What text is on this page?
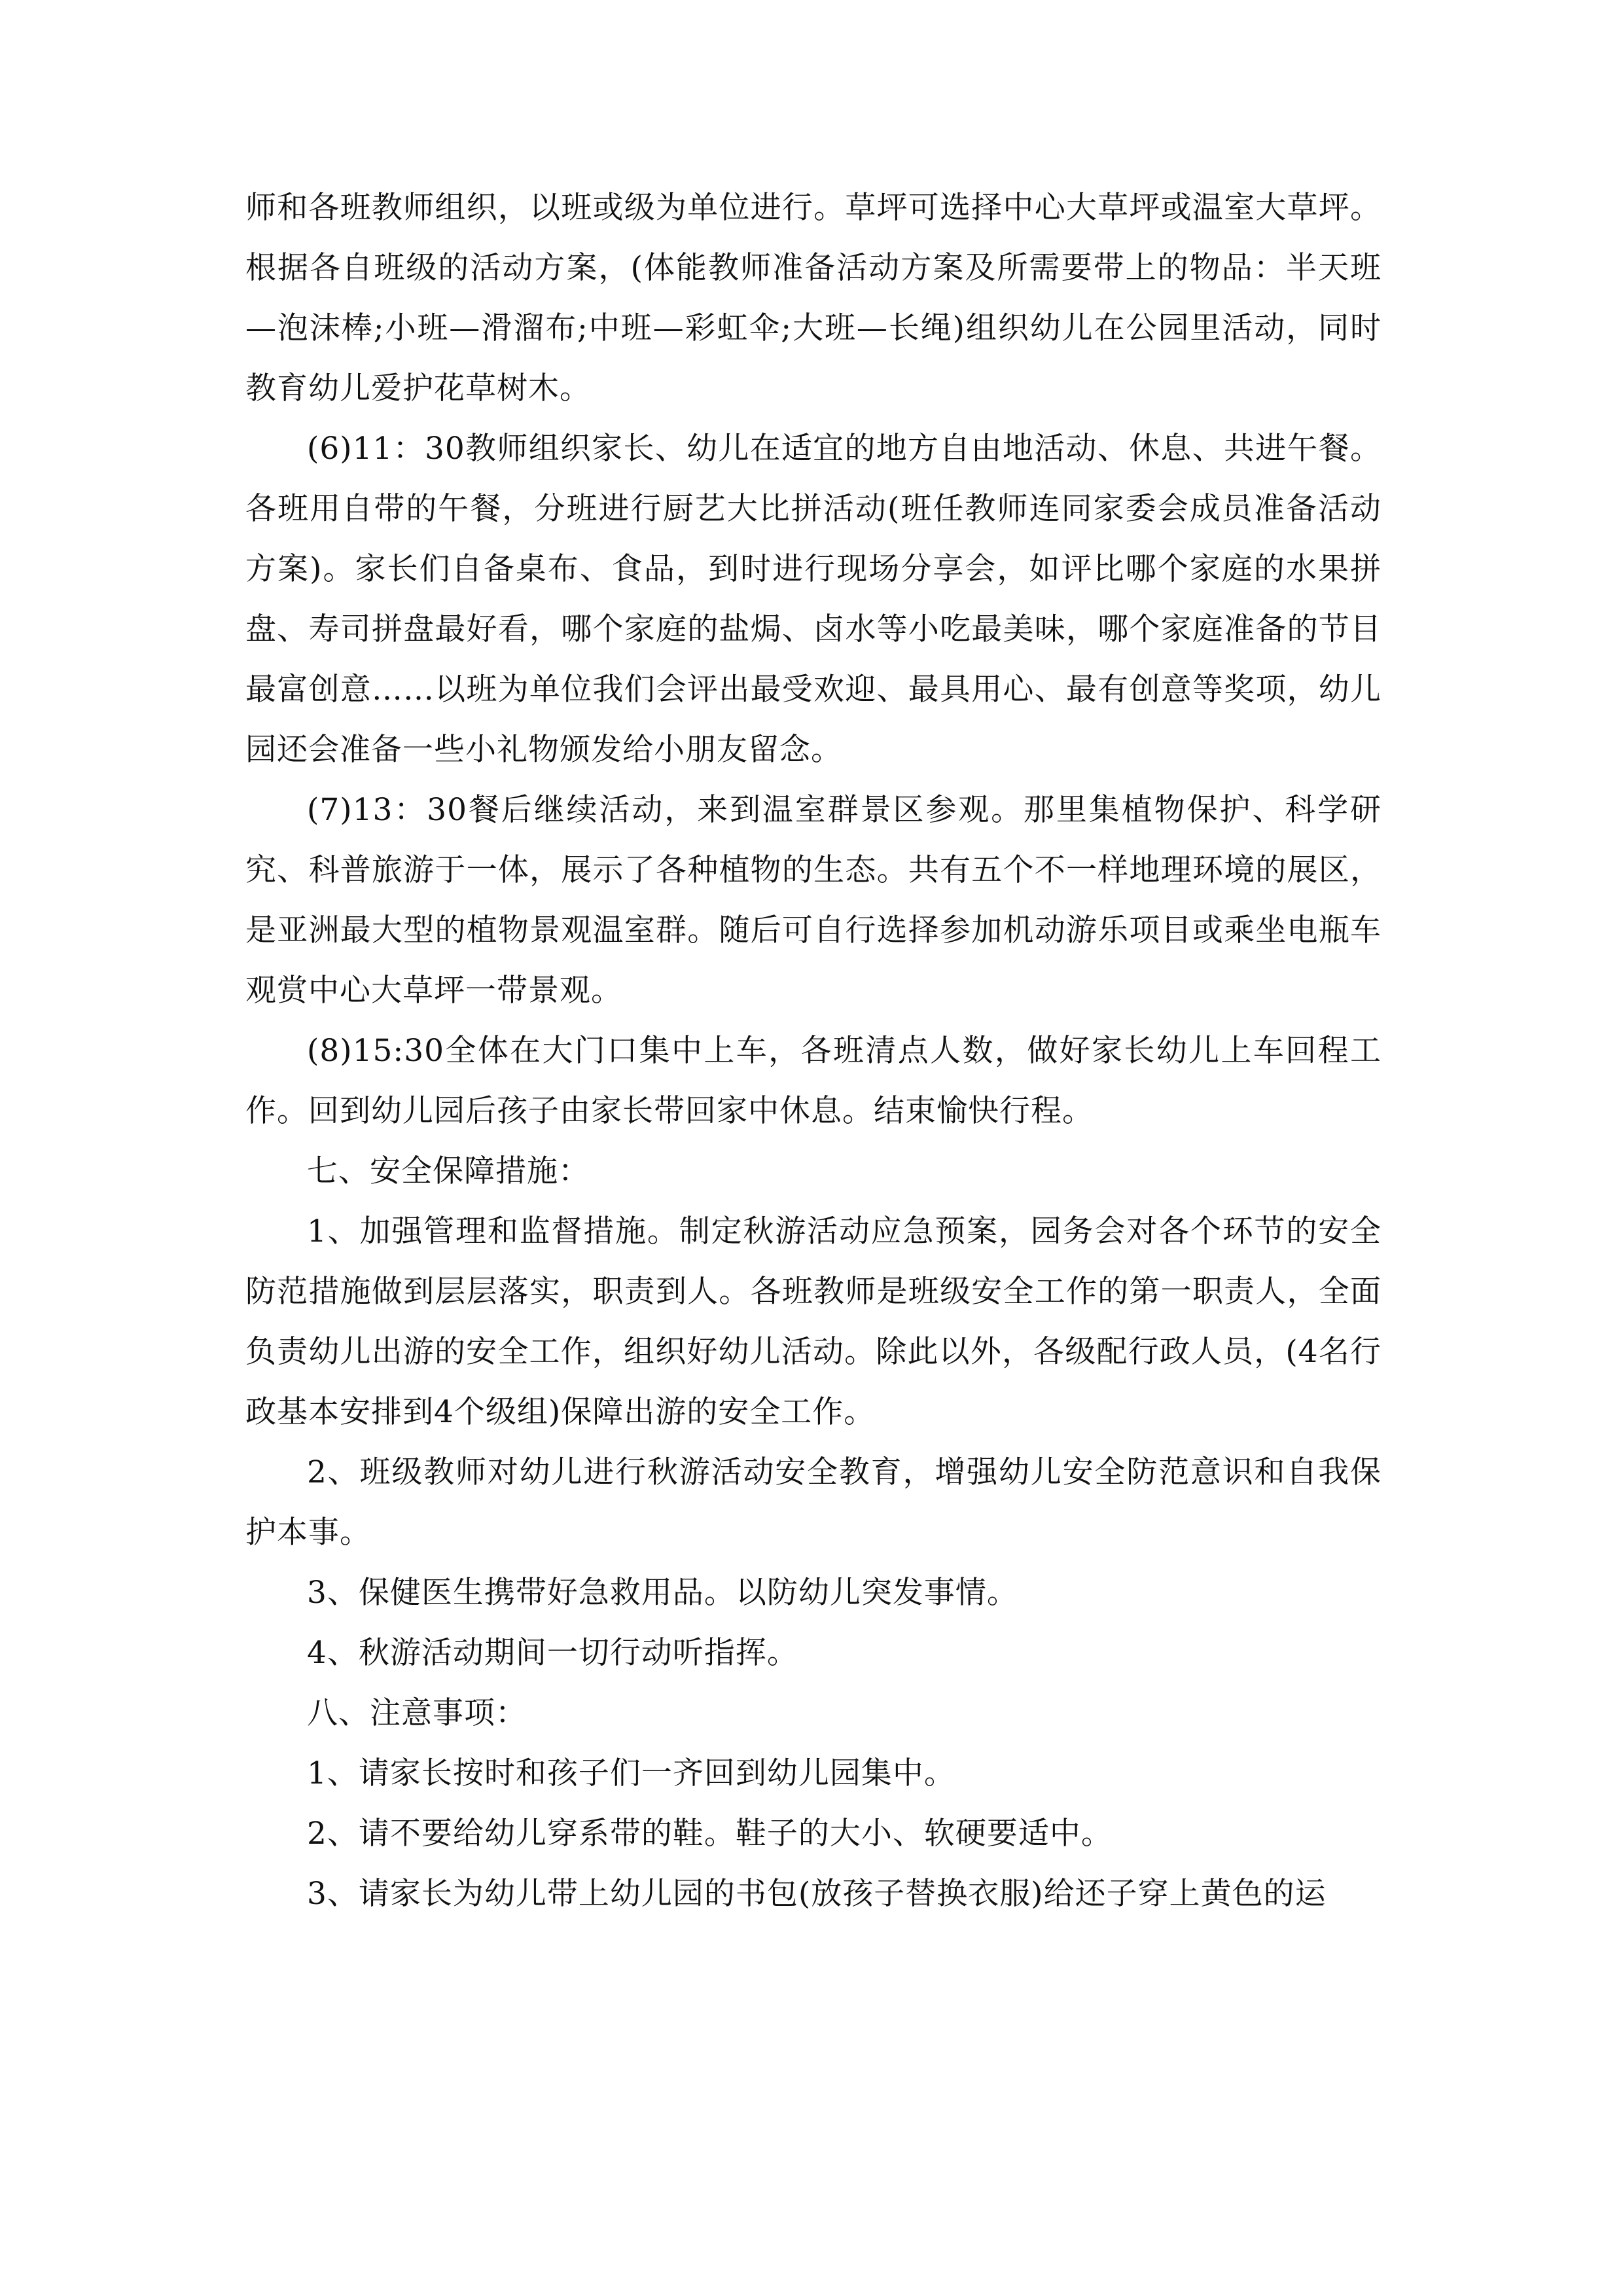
师和各班教师组织，以班或级为单位进行。草坪可选择中心大草坪或温室大草坪。根据各自班级的活动方案，(体能教师准备活动方案及所需要带上的物品：半天班—泡沫棒;小班—滑溜布;中班—彩虹伞;大班—长绳)组织幼儿在公园里活动，同时教育幼儿爱护花草树木。

(6)11：30教师组织家长、幼儿在适宜的地方自由地活动、休息、共进午餐。各班用自带的午餐，分班进行厨艺大比拼活动(班任教师连同家委会成员准备活动方案)。家长们自备桌布、食品，到时进行现场分享会，如评比哪个家庭的水果拼盘、寿司拼盘最好看，哪个家庭的盐焗、卤水等小吃最美味，哪个家庭准备的节目最富创意……以班为单位我们会评出最受欢迎、最具用心、最有创意等奖项，幼儿园还会准备一些小礼物颁发给小朋友留念。

(7)13：30餐后继续活动，来到温室群景区参观。那里集植物保护、科学研究、科普旅游于一体，展示了各种植物的生态。共有五个不一样地理环境的展区，是亚洲最大型的植物景观温室群。随后可自行选择参加机动游乐项目或乘坐电瓶车观赏中心大草坪一带景观。

(8)15:30全体在大门口集中上车，各班清点人数，做好家长幼儿上车回程工作。回到幼儿园后孩子由家长带回家中休息。结束愉快行程。

七、安全保障措施：

1、加强管理和监督措施。制定秋游活动应急预案，园务会对各个环节的安全防范措施做到层层落实，职责到人。各班教师是班级安全工作的第一职责人，全面负责幼儿出游的安全工作，组织好幼儿活动。除此以外，各级配行政人员，(4名行政基本安排到4个级组)保障出游的安全工作。

2、班级教师对幼儿进行秋游活动安全教育，增强幼儿安全防范意识和自我保护本事。

3、保健医生携带好急救用品。以防幼儿突发事情。

4、秋游活动期间一切行动听指挥。

八、注意事项：

1、请家长按时和孩子们一齐回到幼儿园集中。

2、请不要给幼儿穿系带的鞋。鞋子的大小、软硬要适中。

3、请家长为幼儿带上幼儿园的书包(放孩子替换衣服)给还子穿上黄色的运
